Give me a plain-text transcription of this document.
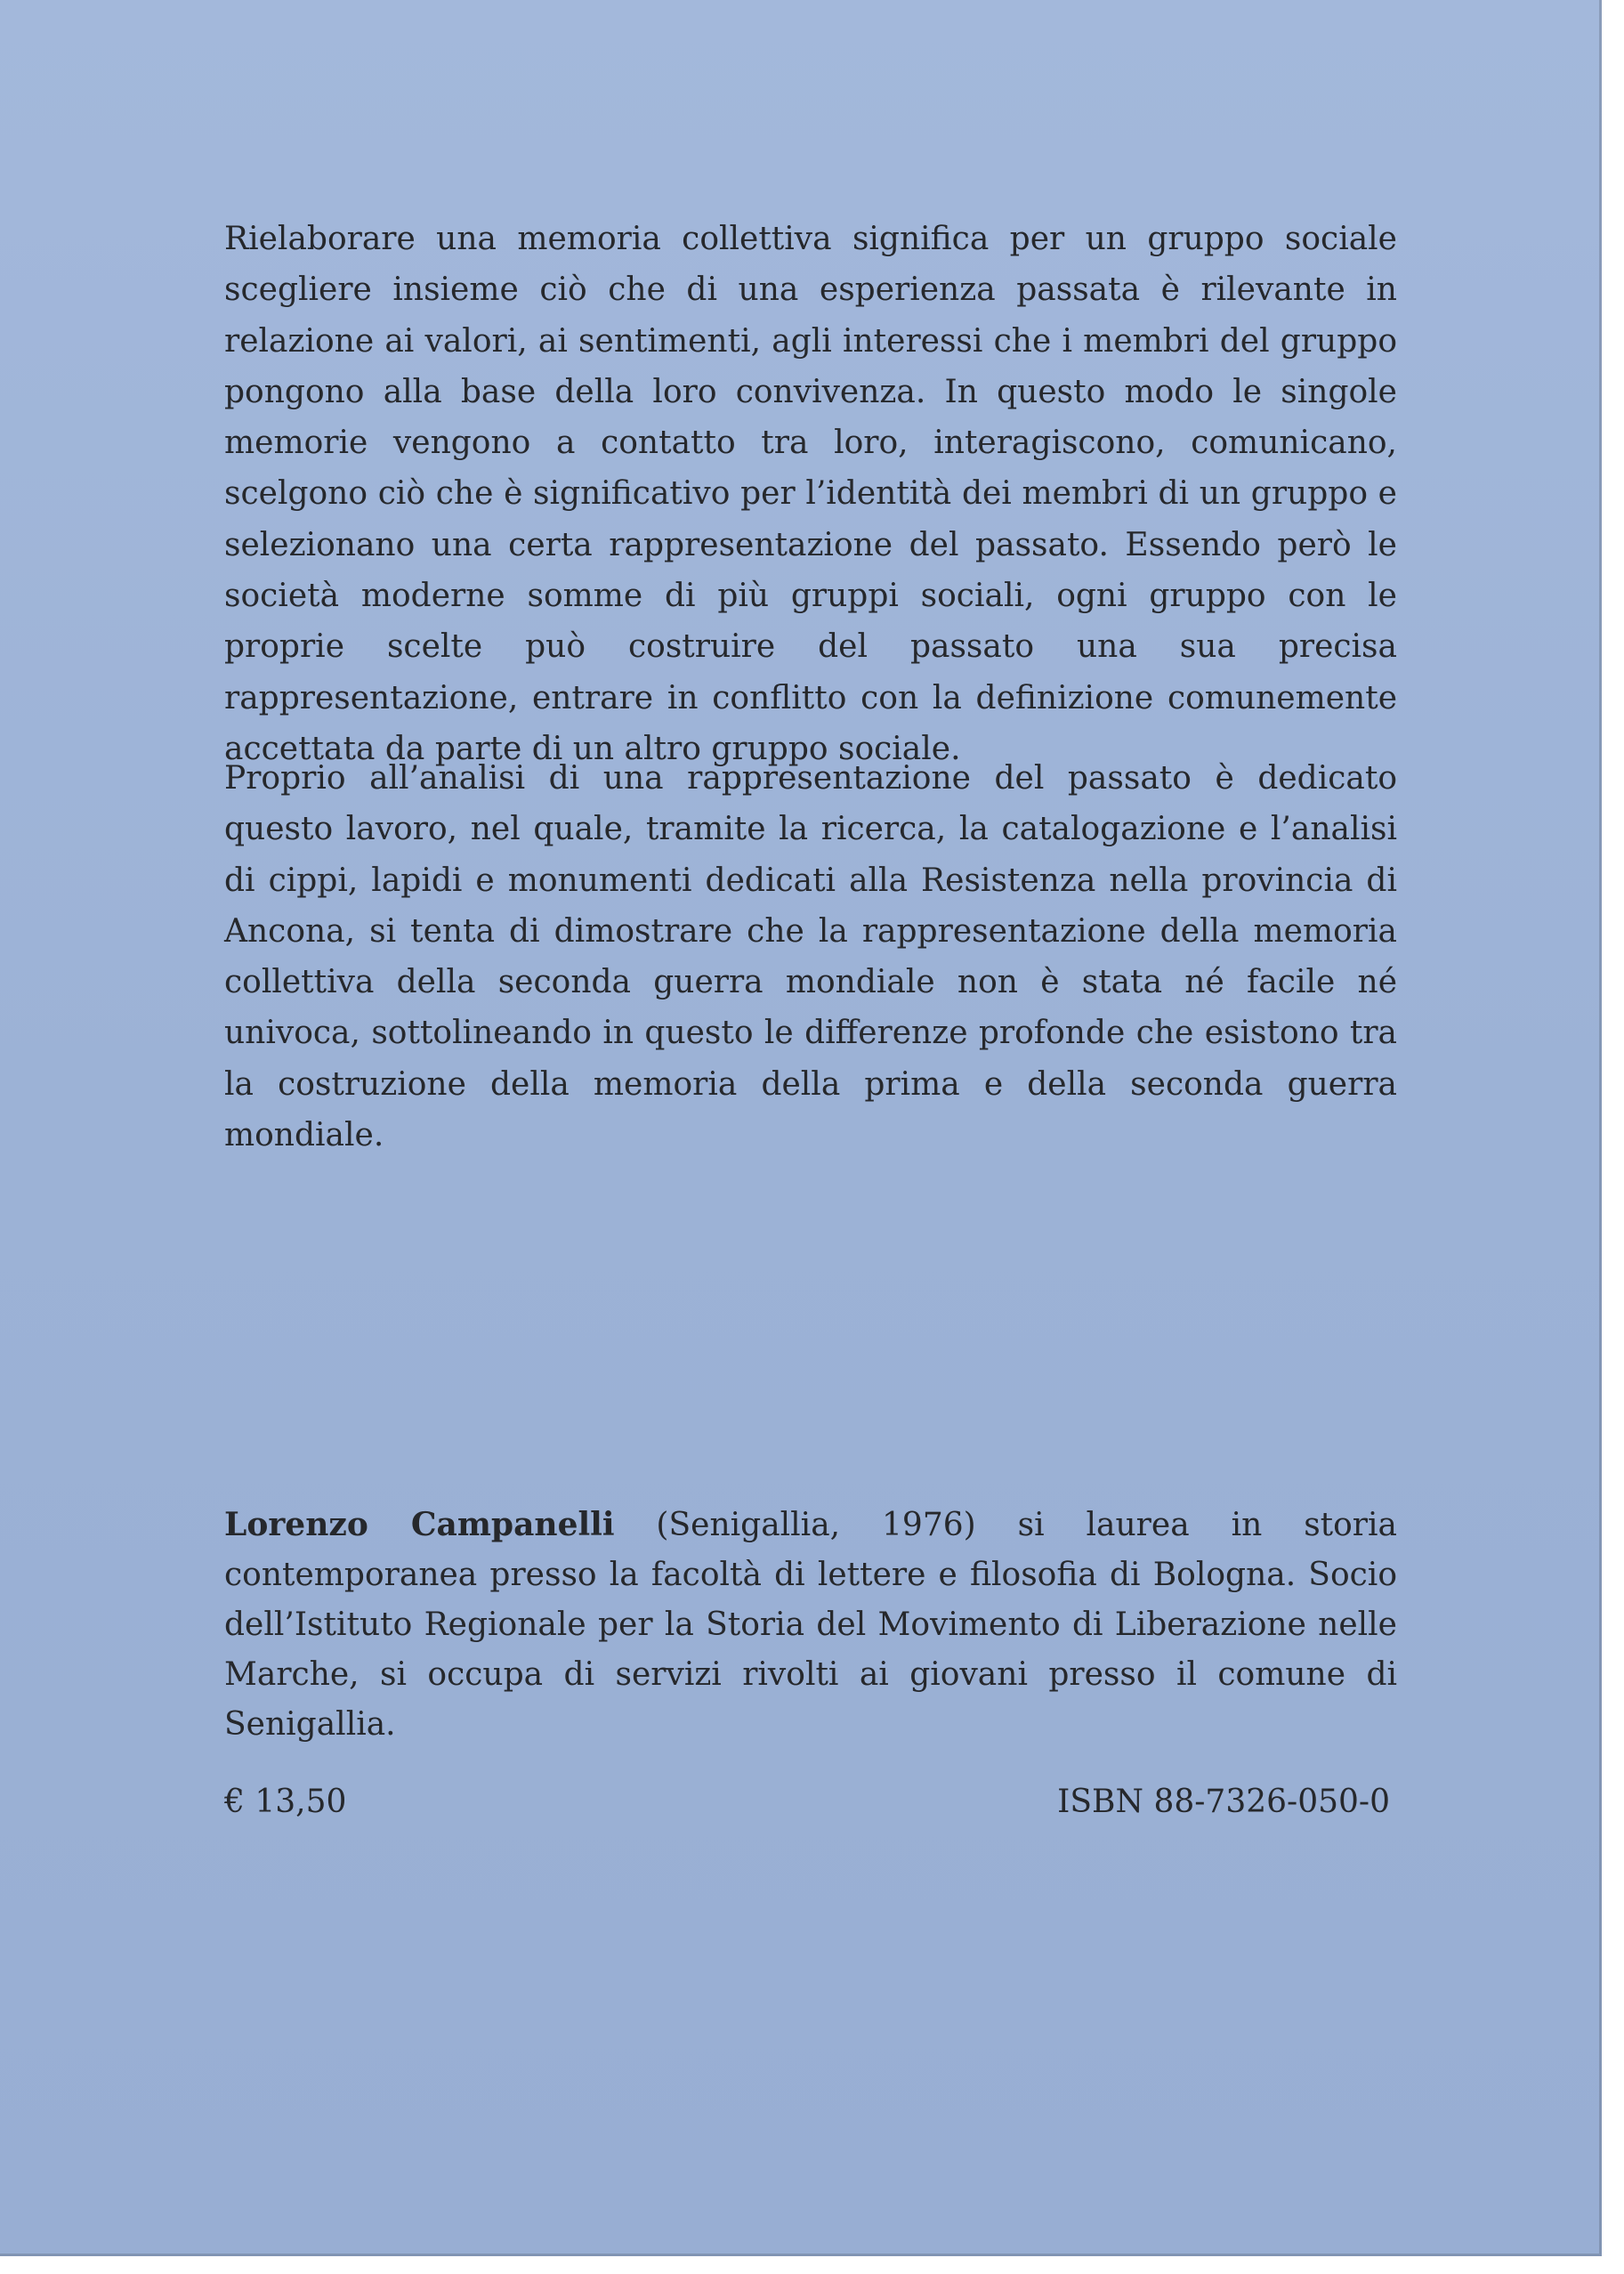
Rielaborare una memoria collettiva significa per un gruppo sociale scegliere insieme ciò che di una esperienza passata è rilevante in relazione ai valori, ai sentimenti, agli interessi che i membri del gruppo pongono alla base della loro convivenza. In questo modo le singole memorie vengono a contatto tra loro, interagiscono, comunicano, scelgono ciò che è significativo per l’identità dei membri di un gruppo e selezionano una certa rappresentazione del passato. Essendo però le società moderne somme di più gruppi sociali, ogni gruppo con le proprie scelte può costruire del passato una sua precisa rappresentazione, entrare in conflitto con la definizione comunemente accettata da parte di un altro gruppo sociale.

Proprio all’analisi di una rappresentazione del passato è dedicato questo lavoro, nel quale, tramite la ricerca, la catalogazione e l’analisi di cippi, lapidi e monumenti dedicati alla Resistenza nella provincia di Ancona, si tenta di dimostrare che la rappresentazione della memoria collettiva della seconda guerra mondiale non è stata né facile né univoca, sottolineando in questo le differenze profonde che esistono tra la costruzione della memoria della prima e della seconda guerra mondiale.

Lorenzo Campanelli (Senigallia, 1976) si laurea in storia contemporanea presso la facoltà di lettere e filosofia di Bologna. Socio dell’Istituto Regionale per la Storia del Movimento di Liberazione nelle Marche, si occupa di servizi rivolti ai giovani presso il comune di Senigallia.

€ 13,50	ISBN 88-7326-050-0
